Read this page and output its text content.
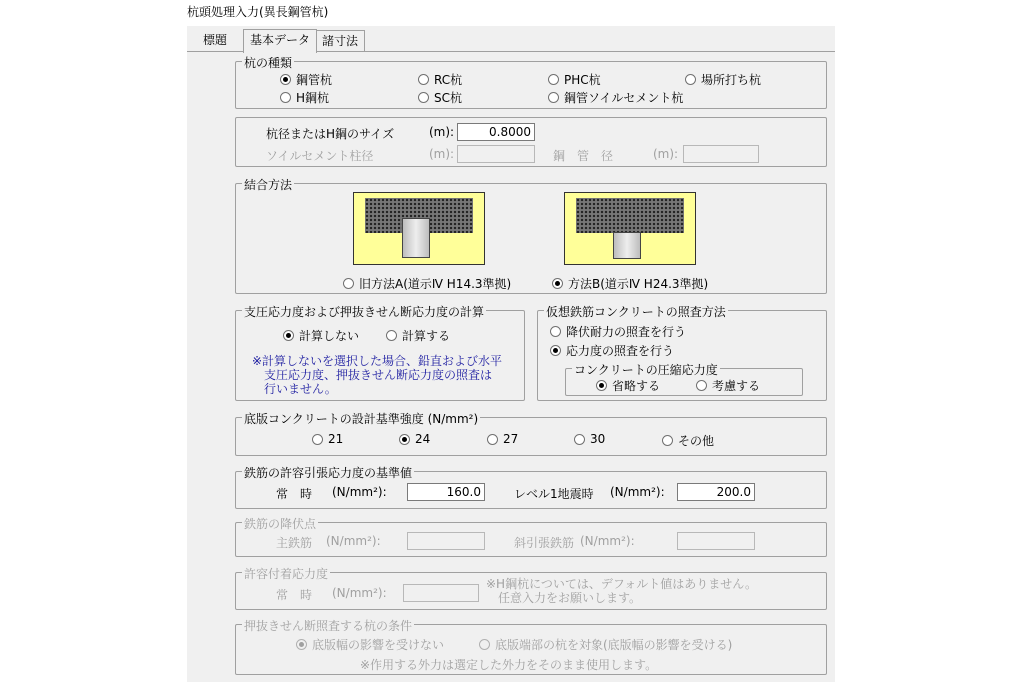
杭頭処理入力(異長鋼管杭)
標題	基本データ 諸寸法
杭の種類
鋼管杭	RC杭	PHC杭	場所打ち杭
H鋼杭	SC杭	鋼管ソイルセメント杭
杭径またはH鋼のサイズ	(m):	0.8000
ソイルセメント柱径	(m):	鋼　管　径	(m):
結合方法
旧方法A(道示Ⅳ H14.3準拠)	方法B(道示Ⅳ H24.3準拠)
支圧応力度および押抜きせん断応力度の計算
計算しない	計算する
※計算しないを選択した場合、鉛直および水平
支圧応力度、押抜きせん断応力度の照査は
行いません。
仮想鉄筋コンクリートの照査方法
降伏耐力の照査を行う
応力度の照査を行う
コンクリートの圧縮応力度
省略する	考慮する
底版コンクリートの設計基準強度 (N/mm²)
21	24	27	30	その他
鉄筋の許容引張応力度の基準値
常　時 (N/mm²):	160.0	レベル1地震時 (N/mm²):	200.0
鉄筋の降伏点
主鉄筋 (N/mm²):	斜引張鉄筋 (N/mm²):
許容付着応力度
常　時 (N/mm²):
※H鋼杭については、デフォルト値はありません。
任意入力をお願いします。
押抜きせん断照査する杭の条件
底版幅の影響を受けない	底版端部の杭を対象(底版幅の影響を受ける)
※作用する外力は選定した外力をそのまま使用します。
